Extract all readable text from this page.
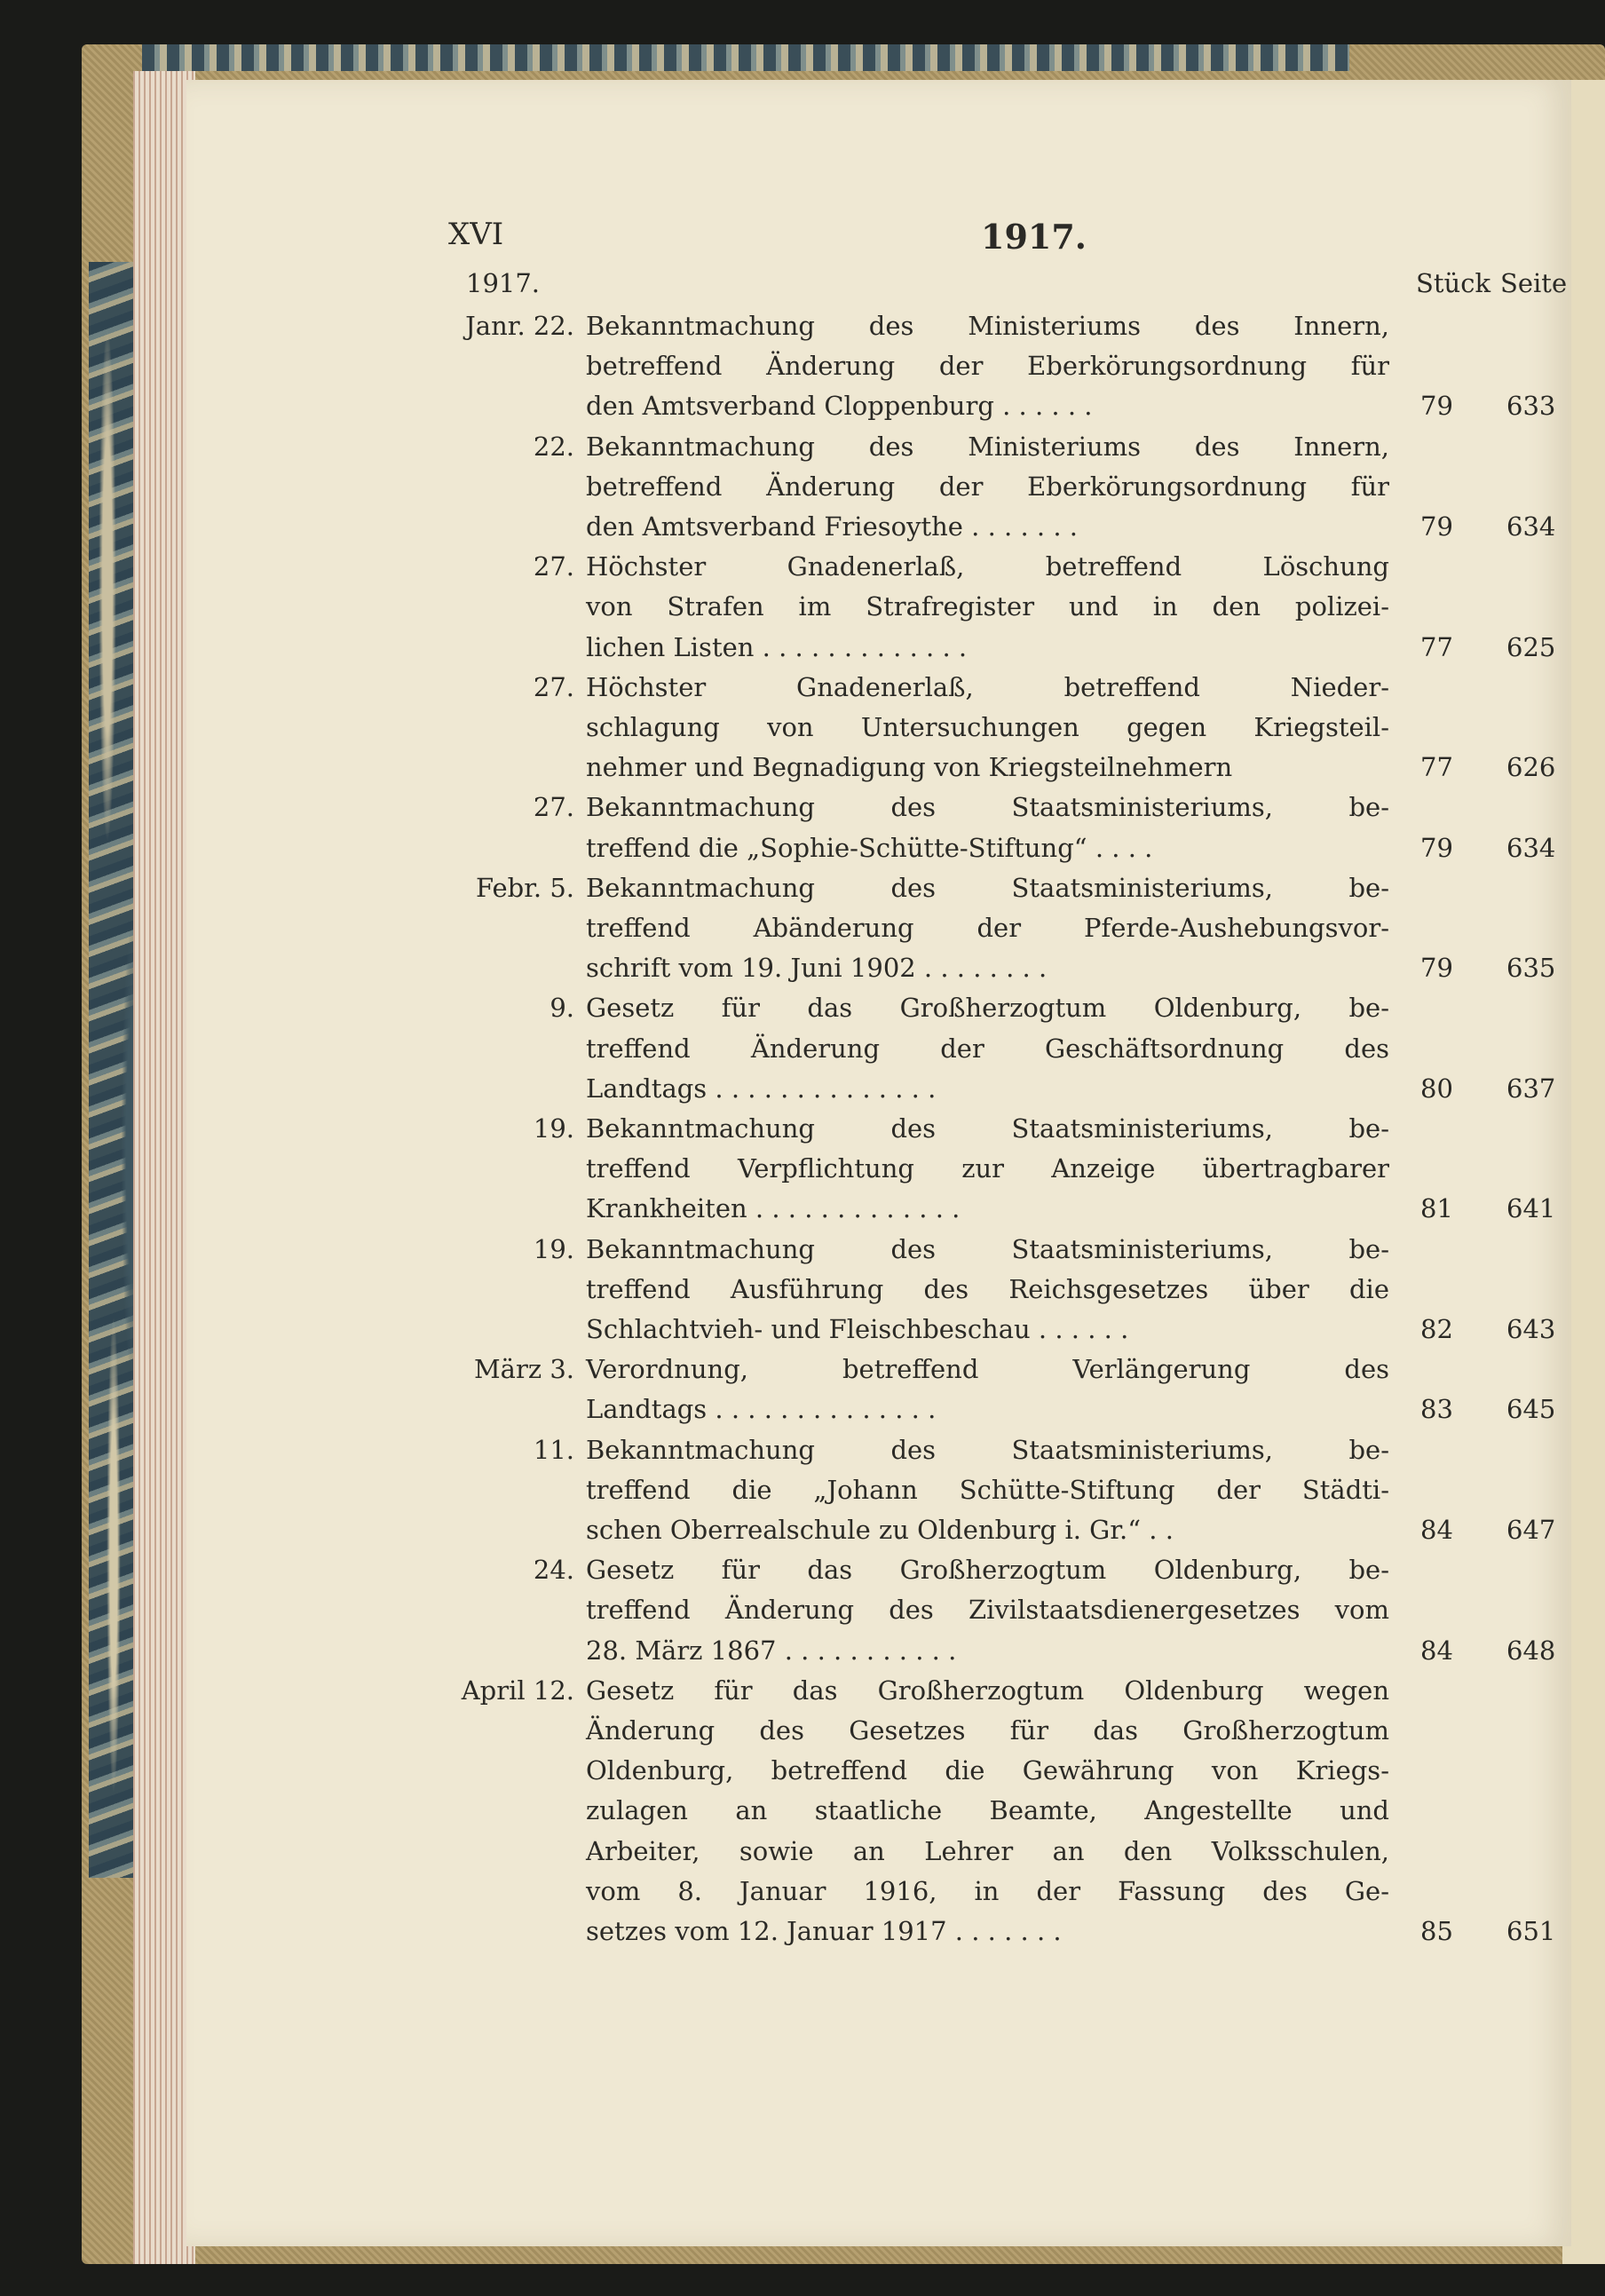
XVI	1917.
1917.	Stück Seite
Janr. 22. Bekanntmachung des Ministeriums des Innern,
betreffend Änderung der Eberkörungsordnung für
den Amtsverband Cloppenburg . . . . . .	79	633
22. Bekanntmachung des Ministeriums des Innern,
betreffend Änderung der Eberkörungsordnung für
den Amtsverband Friesoythe . . . . . . .	79	634
27. Höchster Gnadenerlaß, betreffend Löschung
von Strafen im Strafregister und in den polizei-
lichen Listen . . . . . . . . . . . . .	77	625
27. Höchster Gnadenerlaß, betreffend Nieder-
schlagung von Untersuchungen gegen Kriegsteil-
nehmer und Begnadigung von Kriegsteilnehmern	77	626
27. Bekanntmachung des Staatsministeriums, be-
treffend die „Sophie-Schütte-Stiftung“ . . . .	79	634
Febr. 5. Bekanntmachung des Staatsministeriums, be-
treffend Abänderung der Pferde-Aushebungsvor-
schrift vom 19. Juni 1902 . . . . . . . .	79	635
9. Gesetz für das Großherzogtum Oldenburg, be-
treffend Änderung der Geschäftsordnung des
Landtags . . . . . . . . . . . . . .	80	637
19. Bekanntmachung des Staatsministeriums, be-
treffend Verpflichtung zur Anzeige übertragbarer
Krankheiten . . . . . . . . . . . . .	81	641
19. Bekanntmachung des Staatsministeriums, be-
treffend Ausführung des Reichsgesetzes über die
Schlachtvieh- und Fleischbeschau . . . . . .	82	643
März 3. Verordnung, betreffend Verlängerung des
Landtags . . . . . . . . . . . . . .	83	645
11. Bekanntmachung des Staatsministeriums, be-
treffend die „Johann Schütte-Stiftung der Städti-
schen Oberrealschule zu Oldenburg i. Gr.“ . .	84	647
24. Gesetz für das Großherzogtum Oldenburg, be-
treffend Änderung des Zivilstaatsdienergesetzes vom
28. März 1867 . . . . . . . . . . .	84	648
April 12. Gesetz für das Großherzogtum Oldenburg wegen
Änderung des Gesetzes für das Großherzogtum
Oldenburg, betreffend die Gewährung von Kriegs-
zulagen an staatliche Beamte, Angestellte und
Arbeiter, sowie an Lehrer an den Volksschulen,
vom 8. Januar 1916, in der Fassung des Ge-
setzes vom 12. Januar 1917 . . . . . . .	85	651
